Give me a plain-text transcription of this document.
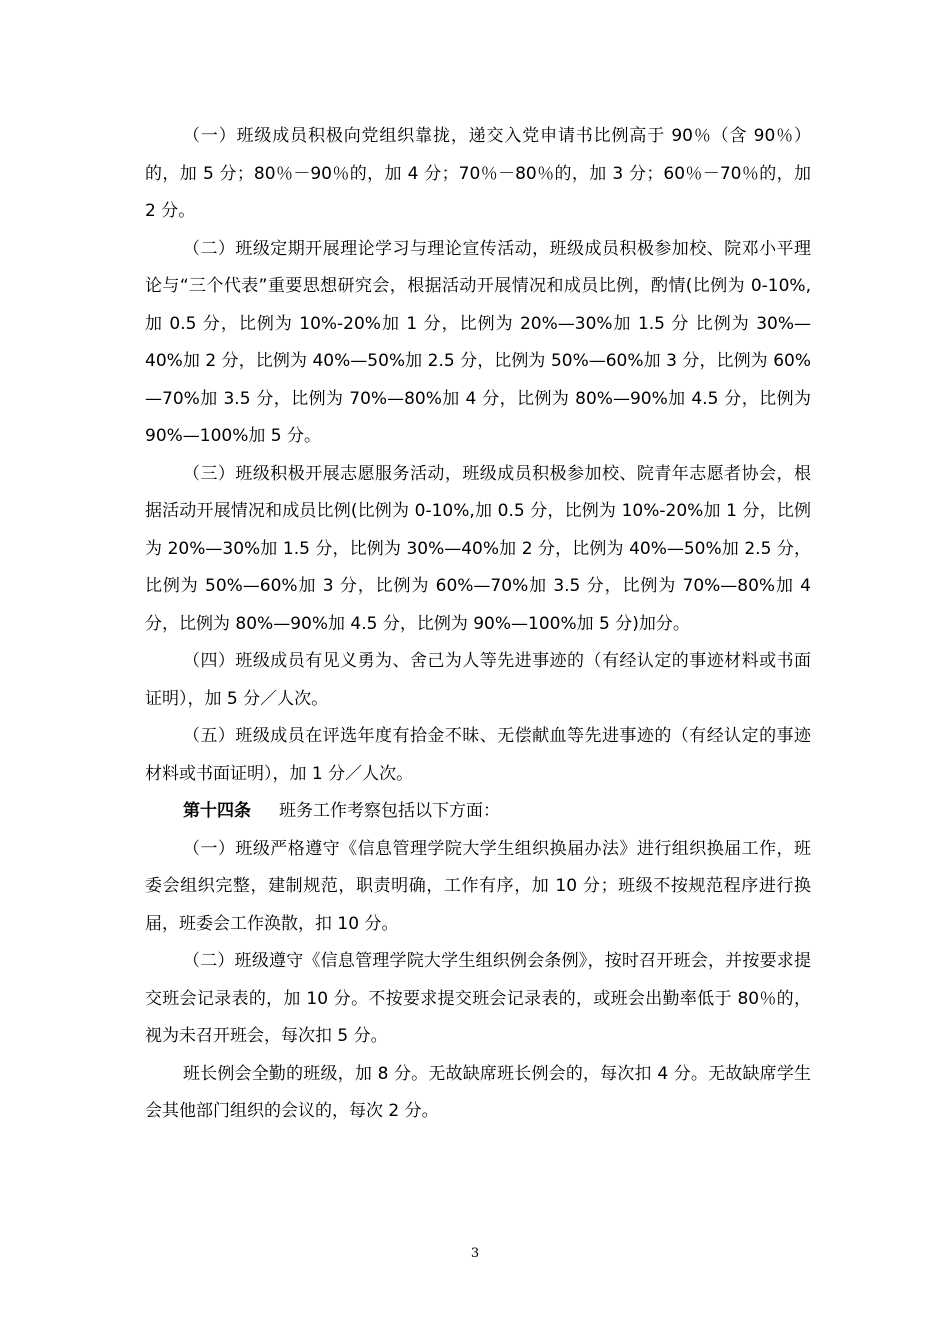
（一）班级成员积极向党组织靠拢，递交入党申请书比例高于 90％（含 90％）的，加 5 分；80％－90％的，加 4 分；70％－80％的，加 3 分；60％－70％的，加 2 分。

（二）班级定期开展理论学习与理论宣传活动，班级成员积极参加校、院邓小平理论与“三个代表”重要思想研究会，根据活动开展情况和成员比例，酌情(比例为 0-10%,加 0.5 分，比例为 10%-20%加 1 分，比例为 20%—30%加 1.5 分 比例为 30%—40%加 2 分，比例为 40%—50%加 2.5 分，比例为 50%—60%加 3 分，比例为 60%—70%加 3.5 分，比例为 70%—80%加 4 分，比例为 80%—90%加 4.5 分，比例为 90%—100%加 5 分。

（三）班级积极开展志愿服务活动，班级成员积极参加校、院青年志愿者协会，根据活动开展情况和成员比例(比例为 0-10%,加 0.5 分，比例为 10%-20%加 1 分，比例为 20%—30%加 1.5 分，比例为 30%—40%加 2 分，比例为 40%—50%加 2.5 分，比例为 50%—60%加 3 分，比例为 60%—70%加 3.5 分，比例为 70%—80%加 4 分，比例为 80%—90%加 4.5 分，比例为 90%—100%加 5 分)加分。

（四）班级成员有见义勇为、舍己为人等先进事迹的（有经认定的事迹材料或书面证明），加 5 分／人次。

（五）班级成员在评选年度有拾金不昧、无偿献血等先进事迹的（有经认定的事迹材料或书面证明），加 1 分／人次。

第十四条 班务工作考察包括以下方面：

（一）班级严格遵守《信息管理学院大学生组织换届办法》进行组织换届工作，班委会组织完整，建制规范，职责明确，工作有序，加 10 分；班级不按规范程序进行换届，班委会工作涣散，扣 10 分。

（二）班级遵守《信息管理学院大学生组织例会条例》，按时召开班会，并按要求提交班会记录表的，加 10 分。不按要求提交班会记录表的，或班会出勤率低于 80％的，视为未召开班会，每次扣 5 分。

班长例会全勤的班级，加 8 分。无故缺席班长例会的，每次扣 4 分。无故缺席学生会其他部门组织的会议的，每次 2 分。

3
